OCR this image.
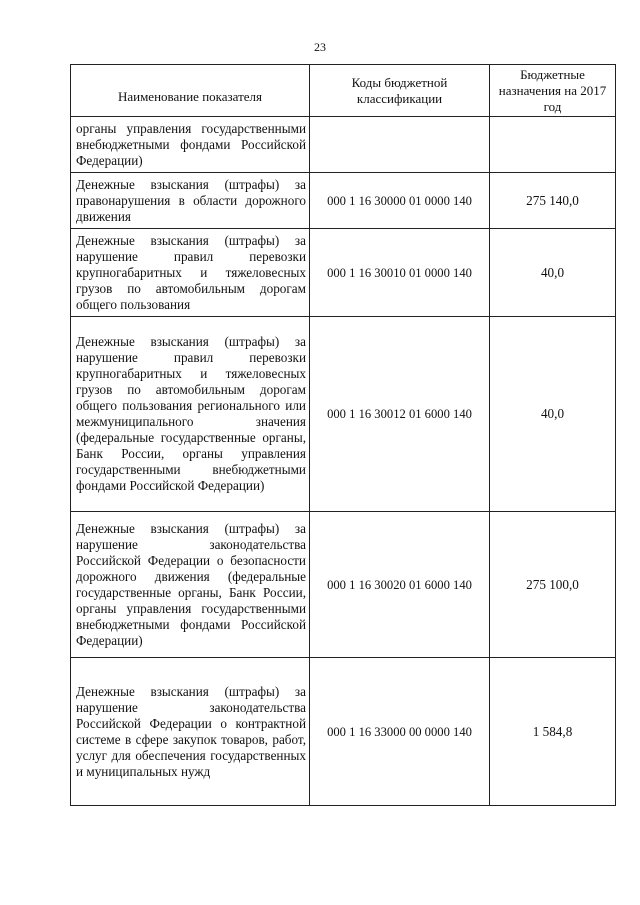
23
Наименование показателя	Коды бюджетной классификации	Бюджетные назначения на 2017 год
органы управления государственными внебюджетными фондами Российской Федерации)		
Денежные взыскания (штрафы) за правонарушения в области дорожного движения	000 1 16 30000 01 0000 140	275 140,0
Денежные взыскания (штрафы) за нарушение правил перевозки крупногабаритных и тяжеловесных грузов по автомобильным дорогам общего пользования	000 1 16 30010 01 0000 140	40,0
Денежные взыскания (штрафы) за нарушение правил перевозки крупногабаритных и тяжеловесных грузов по автомобильным дорогам общего пользования регионального или межмуниципального значения (федеральные государственные органы, Банк России, органы управления государственными внебюджетными фондами Российской Федерации)	000 1 16 30012 01 6000 140	40,0
Денежные взыскания (штрафы) за нарушение законодательства Российской Федерации о безопасности дорожного движения (федеральные государственные органы, Банк России, органы управления государственными внебюджетными фондами Российской Федерации)	000 1 16 30020 01 6000 140	275 100,0
Денежные взыскания (штрафы) за нарушение законодательства Российской Федерации о контрактной системе в сфере закупок товаров, работ, услуг для обеспечения государственных и муниципальных нужд	000 1 16 33000 00 0000 140	1 584,8
